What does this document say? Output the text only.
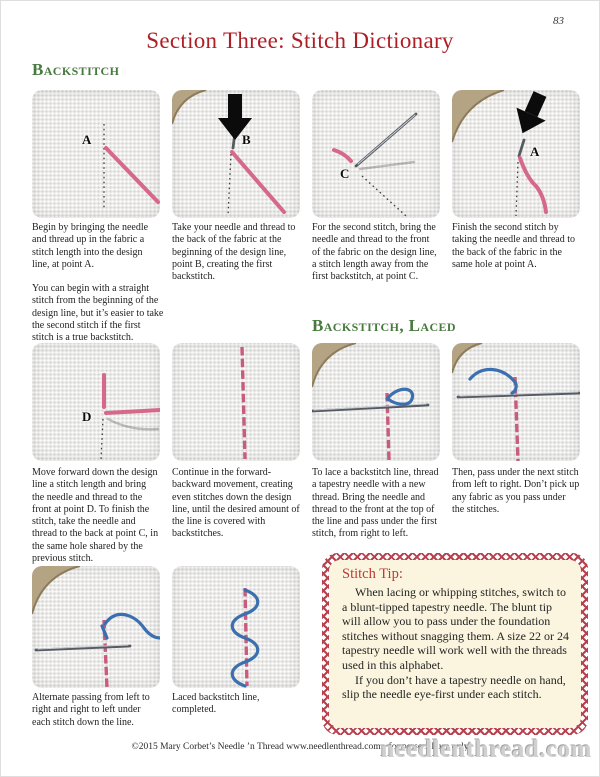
83
Section Three: Stitch Dictionary
Backstitch
A	B
C
A
Begin by bringing the needle and thread up in the fabric a stitch length into the design line, at point A.
Take your needle and thread to the back of the fabric at the beginning of the design line, point B, creating the first backstitch.
For the second stitch, bring the needle and thread to the front of the fabric on the design line, a stitch length away from the first backstitch, at point C.
Finish the second stitch by taking the needle and thread to the back of the fabric in the same hole at point A.
You can begin with a straight stitch from the beginning of the design line, but it’s easier to take the second stitch if the first stitch is a true backstitch.
Backstitch, Laced
D
Move forward down the design line a stitch length and bring the needle and thread to the front at point D. To finish the stitch, take the needle and thread to the back at point C, in the same hole shared by the previous stitch.
Continue in the forward-backward movement, creating even stitches down the design line, until the desired amount of the line is covered with backstitches.
To lace a backstitch line, thread a tapestry needle with a new thread. Bring the needle and thread to the front at the top of the line and pass under the first stitch, from right to left.
Then, pass under the next stitch from left to right. Don’t pick up any fabric as you pass under the stitches.
Alternate passing from left to right and right to left under each stitch down the line.
Laced backstitch line, completed.
Stitch Tip:

When lacing or whipping stitches, switch to a blunt-tipped tapestry needle. The blunt tip will allow you to pass under the foundation stitches without snagging them. A size 22 or 24 tapestry needle will work well with the threads used in this alphabet.

If you don’t have a tapestry needle on hand, slip the needle eye-first under each stitch.

©2015 Mary Corbet’s Needle ’n Thread www.needlenthread.com - for personal use only
needlenthread.com
